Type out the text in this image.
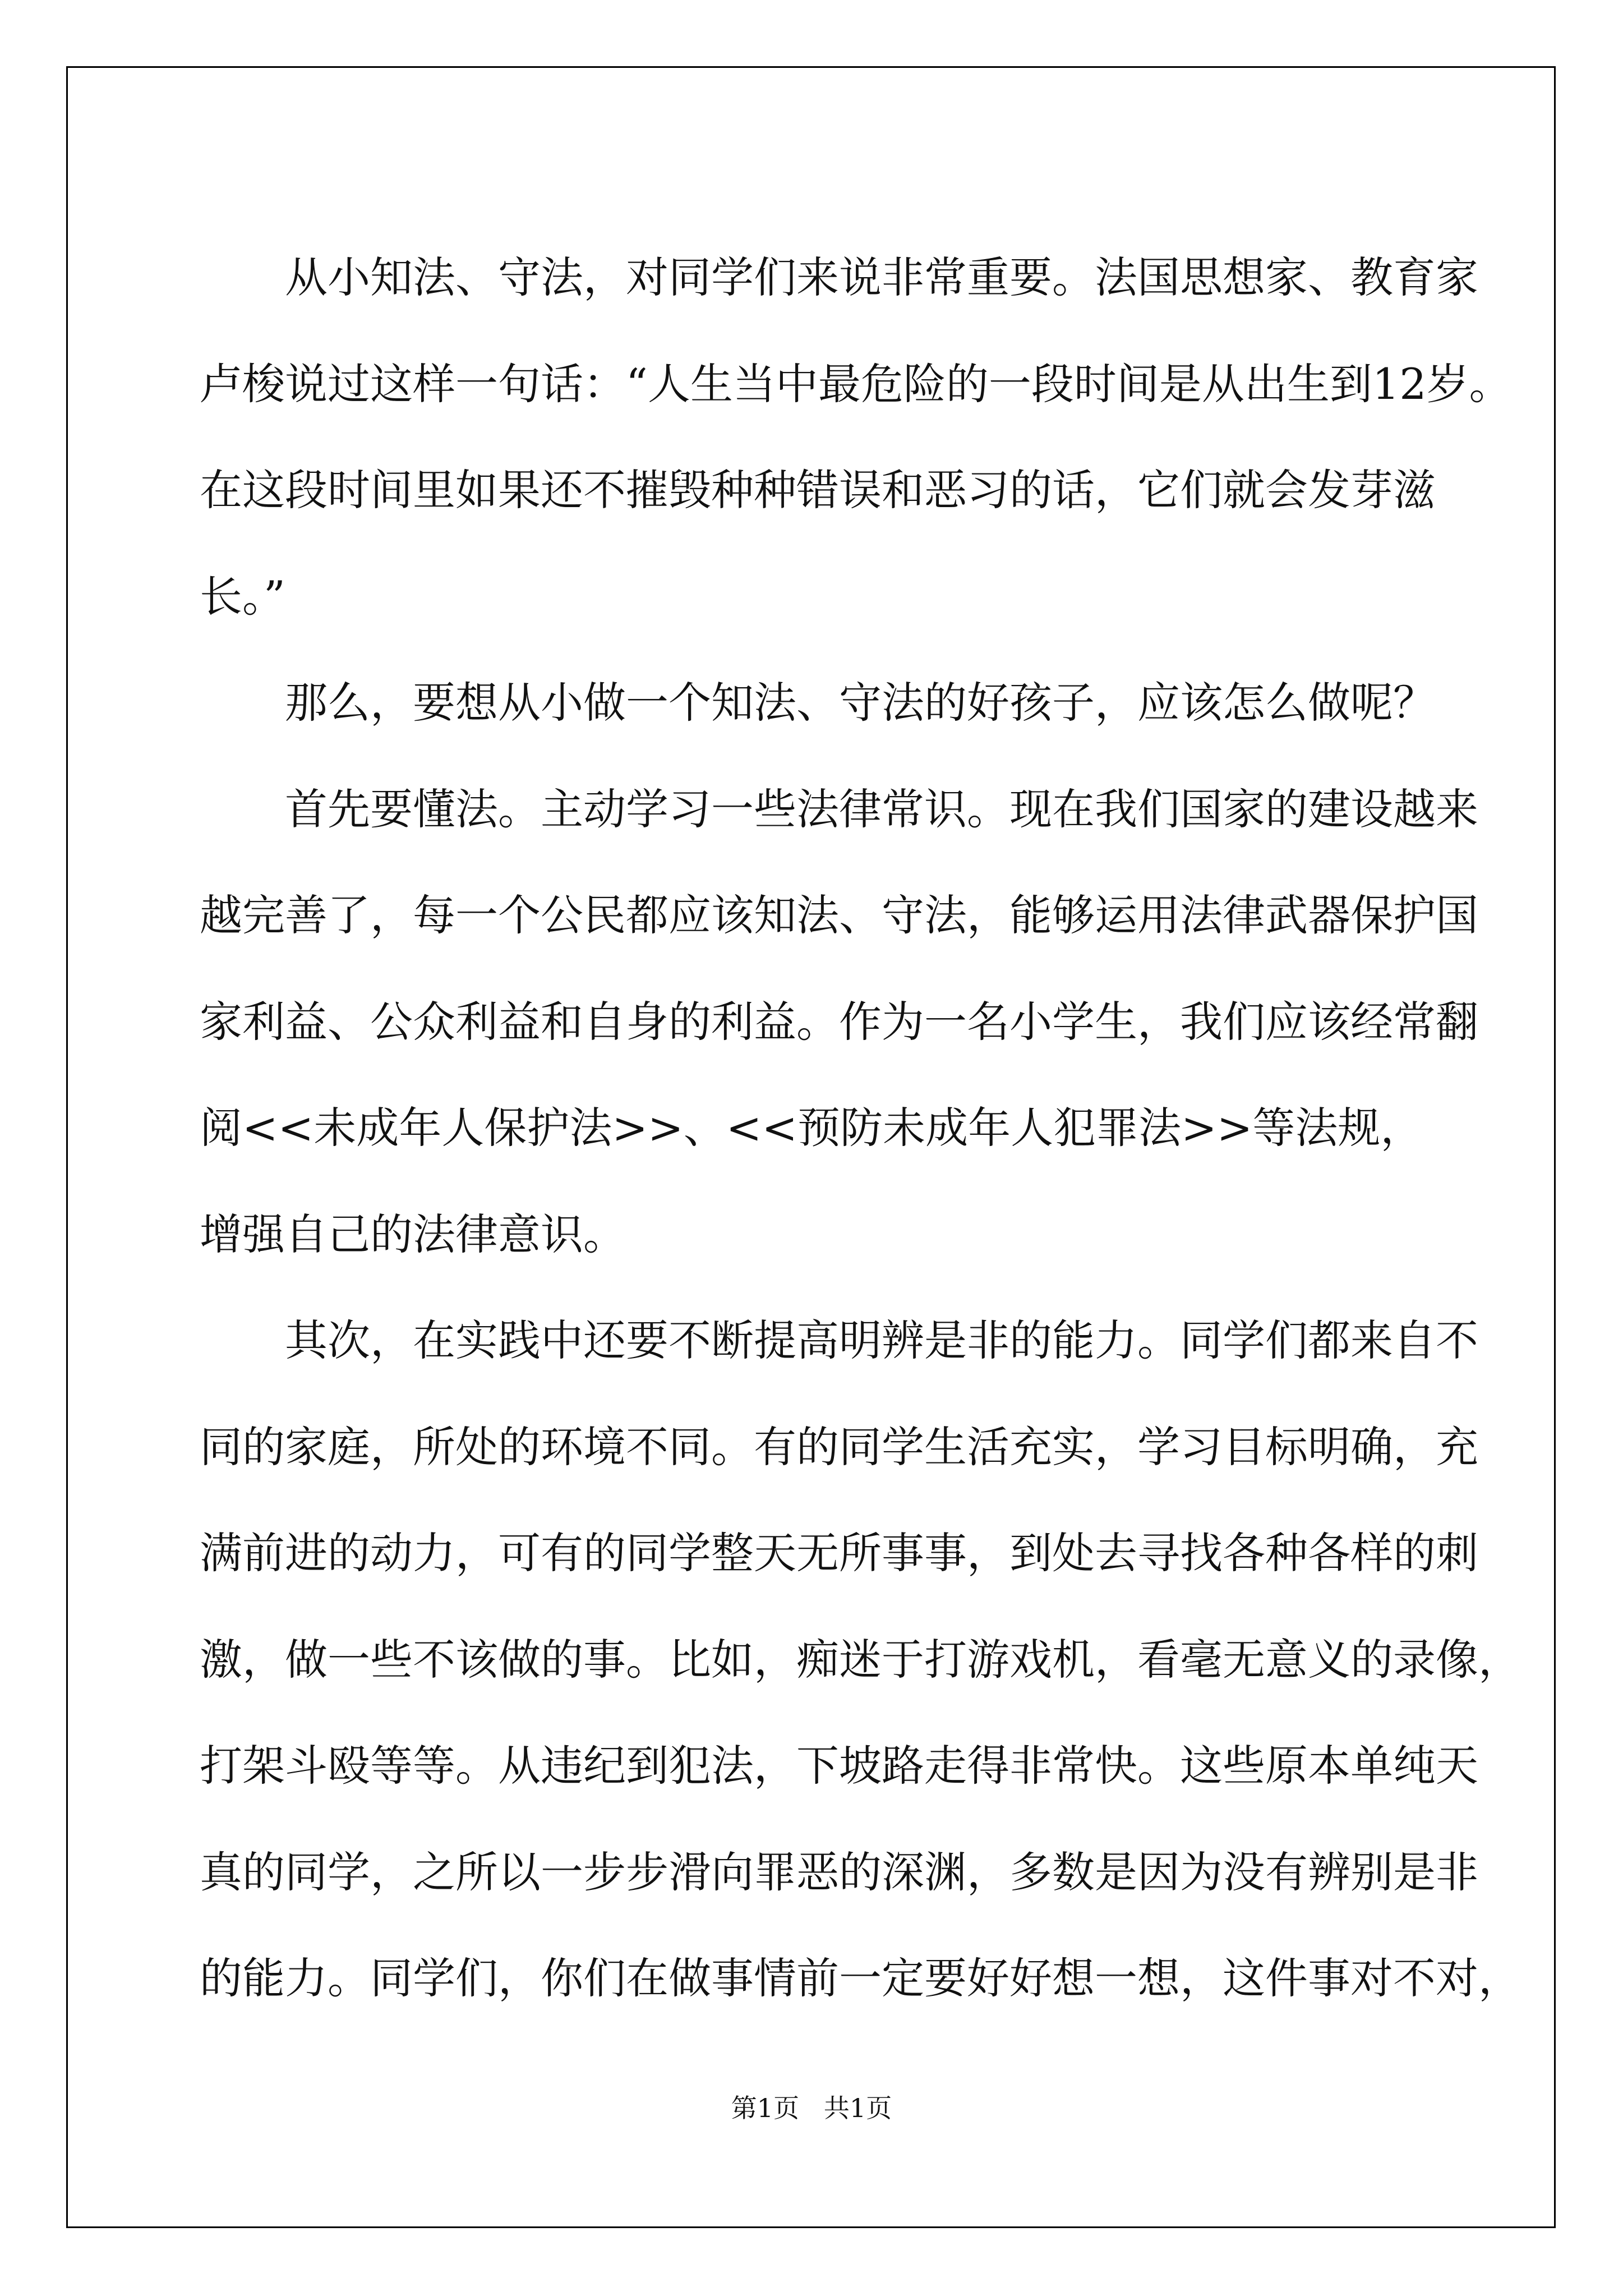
从小知法、守法，对同学们来说非常重要。法国思想家、教育家
卢梭说过这样一句话：“人生当中最危险的一段时间是从出生到12岁。
在这段时间里如果还不摧毁种种错误和恶习的话，它们就会发芽滋
长。”
那么，要想从小做一个知法、守法的好孩子，应该怎么做呢？
首先要懂法。主动学习一些法律常识。现在我们国家的建设越来
越完善了，每一个公民都应该知法、守法，能够运用法律武器保护国
家利益、公众利益和自身的利益。作为一名小学生，我们应该经常翻
阅<<未成年人保护法>>、<<预防未成年人犯罪法>>等法规，
增强自己的法律意识。
其次，在实践中还要不断提高明辨是非的能力。同学们都来自不
同的家庭，所处的环境不同。有的同学生活充实，学习目标明确，充
满前进的动力，可有的同学整天无所事事，到处去寻找各种各样的刺
激，做一些不该做的事。比如，痴迷于打游戏机，看毫无意义的录像，
打架斗殴等等。从违纪到犯法，下坡路走得非常快。这些原本单纯天
真的同学，之所以一步步滑向罪恶的深渊，多数是因为没有辨别是非
的能力。同学们，你们在做事情前一定要好好想一想，这件事对不对，
第1页   共1页
